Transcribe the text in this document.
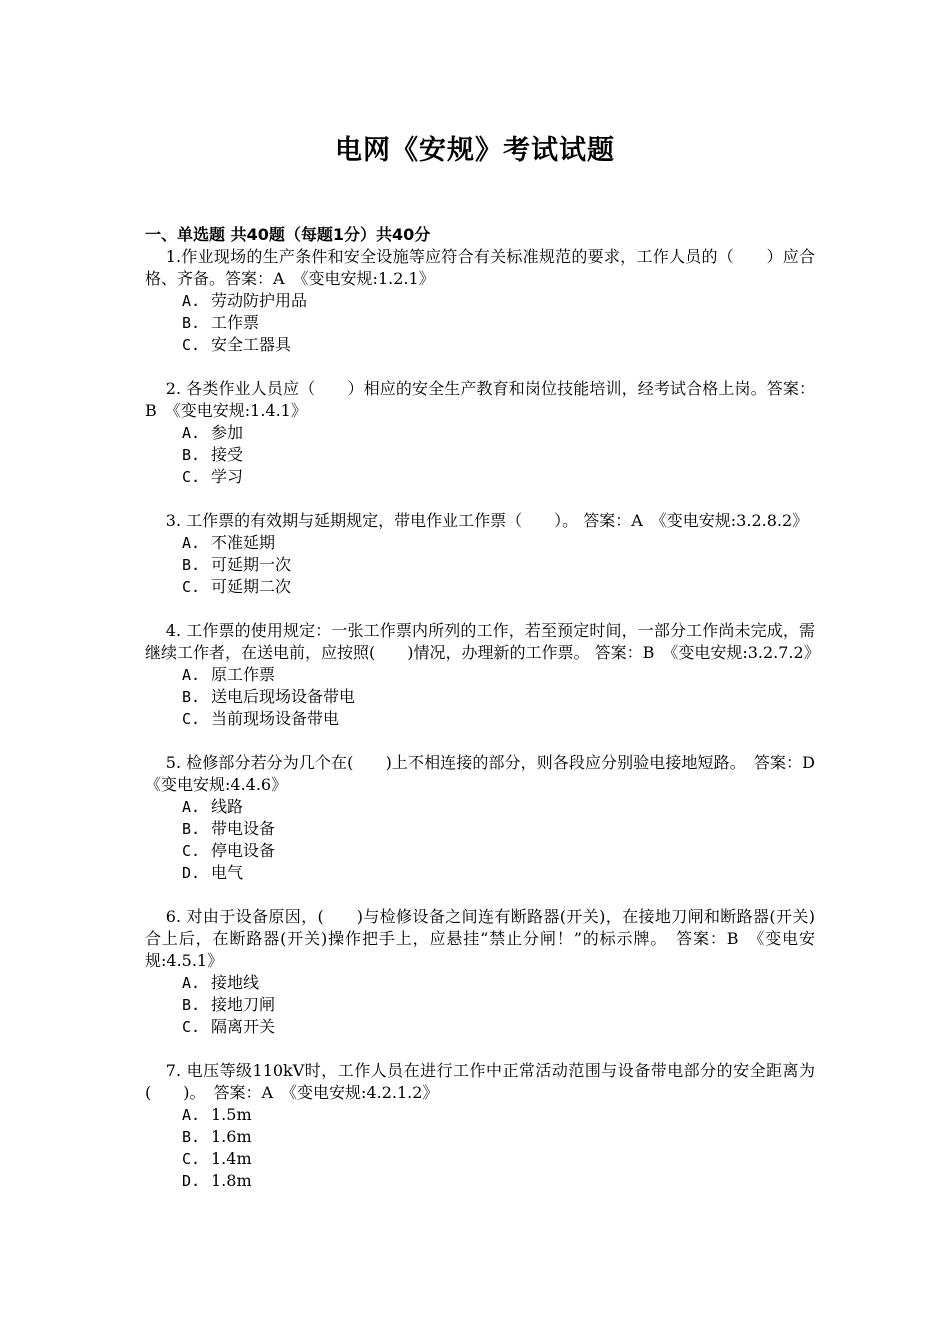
电网《安规》考试试题

一、单选题 共40题（每题1分）共40分

1.作业现场的生产条件和安全设施等应符合有关标准规范的要求，工作人员的（　　）应合格、齐备。答案：A　《变电安规:1.2.1》

A. 劳动防护用品
B. 工作票
C. 安全工器具

2. 各类作业人员应（　　）相应的安全生产教育和岗位技能培训，经考试合格上岗。答案：B　《变电安规:1.4.1》

A. 参加
B. 接受
C. 学习

3. 工作票的有效期与延期规定，带电作业工作票（　　）。 答案：A　《变电安规:3.2.8.2》

A. 不准延期
B. 可延期一次
C. 可延期二次

4. 工作票的使用规定：一张工作票内所列的工作，若至预定时间，一部分工作尚未完成，需继续工作者，在送电前，应按照(　　)情况，办理新的工作票。 答案：B　《变电安规:3.2.7.2》

A. 原工作票
B. 送电后现场设备带电
C. 当前现场设备带电

5. 检修部分若分为几个在(　　)上不相连接的部分，则各段应分别验电接地短路。　答案：D　《变电安规:4.4.6》

A. 线路
B. 带电设备
C. 停电设备
D. 电气

6. 对由于设备原因，(　　)与检修设备之间连有断路器(开关)，在接地刀闸和断路器(开关)合上后，在断路器(开关)操作把手上，应悬挂“禁止分闸！”的标示牌。　答案：B　《变电安规:4.5.1》

A. 接地线
B. 接地刀闸
C. 隔离开关

7. 电压等级110kV时，工作人员在进行工作中正常活动范围与设备带电部分的安全距离为(　　)。　答案：A　《变电安规:4.2.1.2》

A. 1.5m
B. 1.6m
C. 1.4m
D. 1.8m
